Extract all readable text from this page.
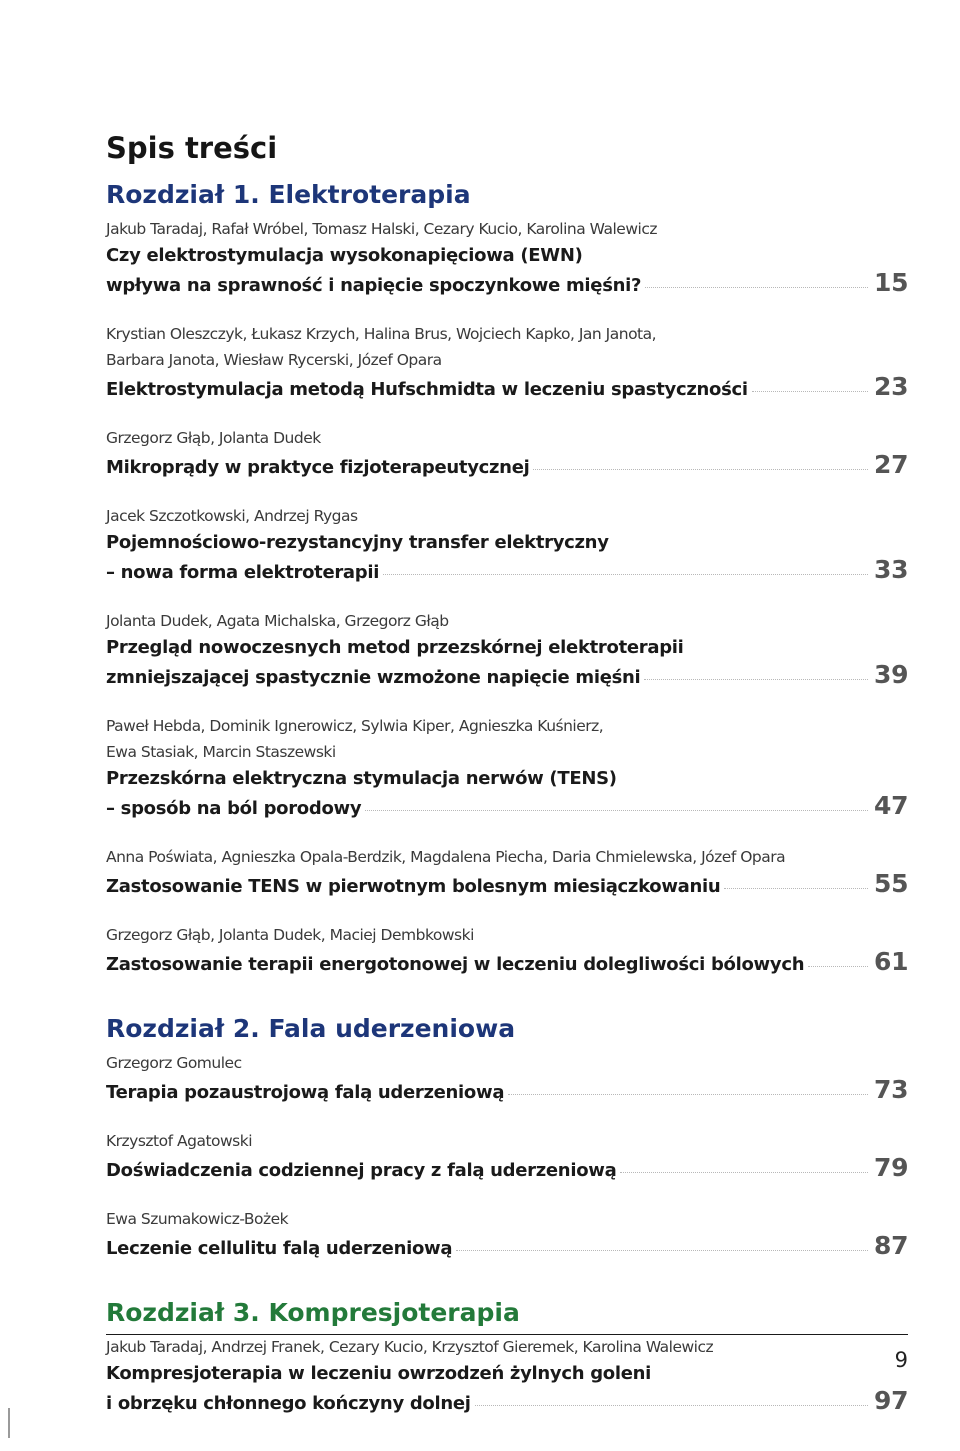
Spis treści
Rozdział 1. Elektroterapia
Jakub Taradaj, Rafał Wróbel, Tomasz Halski, Cezary Kucio, Karolina Walewicz
Czy elektrostymulacja wysokonapięciowa (EWN)
wpływa na sprawność i napięcie spoczynkowe mięśni?	15
Krystian Oleszczyk, Łukasz Krzych, Halina Brus, Wojciech Kapko, Jan Janota,
Barbara Janota, Wiesław Rycerski, Józef Opara
Elektrostymulacja metodą Hufschmidta w leczeniu spastyczności	23
Grzegorz Głąb, Jolanta Dudek
Mikroprądy w praktyce fizjoterapeutycznej	27
Jacek Szczotkowski, Andrzej Rygas
Pojemnościowo-rezystancyjny transfer elektryczny
– nowa forma elektroterapii	33
Jolanta Dudek, Agata Michalska, Grzegorz Głąb
Przegląd nowoczesnych metod przezskórnej elektroterapii
zmniejszającej spastycznie wzmożone napięcie mięśni	39
Paweł Hebda, Dominik Ignerowicz, Sylwia Kiper, Agnieszka Kuśnierz,
Ewa Stasiak, Marcin Staszewski
Przezskórna elektryczna stymulacja nerwów (TENS)
– sposób na ból porodowy	47
Anna Poświata, Agnieszka Opala-Berdzik, Magdalena Piecha, Daria Chmielewska, Józef Opara
Zastosowanie TENS w pierwotnym bolesnym miesiączkowaniu	55
Grzegorz Głąb, Jolanta Dudek, Maciej Dembkowski
Zastosowanie terapii energotonowej w leczeniu dolegliwości bólowych	61
Rozdział 2. Fala uderzeniowa
Grzegorz Gomulec
Terapia pozaustrojową falą uderzeniową	73
Krzysztof Agatowski
Doświadczenia codziennej pracy z falą uderzeniową	79
Ewa Szumakowicz-Bożek
Leczenie cellulitu falą uderzeniową	87
Rozdział 3. Kompresjoterapia
Jakub Taradaj, Andrzej Franek, Cezary Kucio, Krzysztof Gieremek, Karolina Walewicz
Kompresjoterapia w leczeniu owrzodzeń żylnych goleni
i obrzęku chłonnego kończyny dolnej	97
9
